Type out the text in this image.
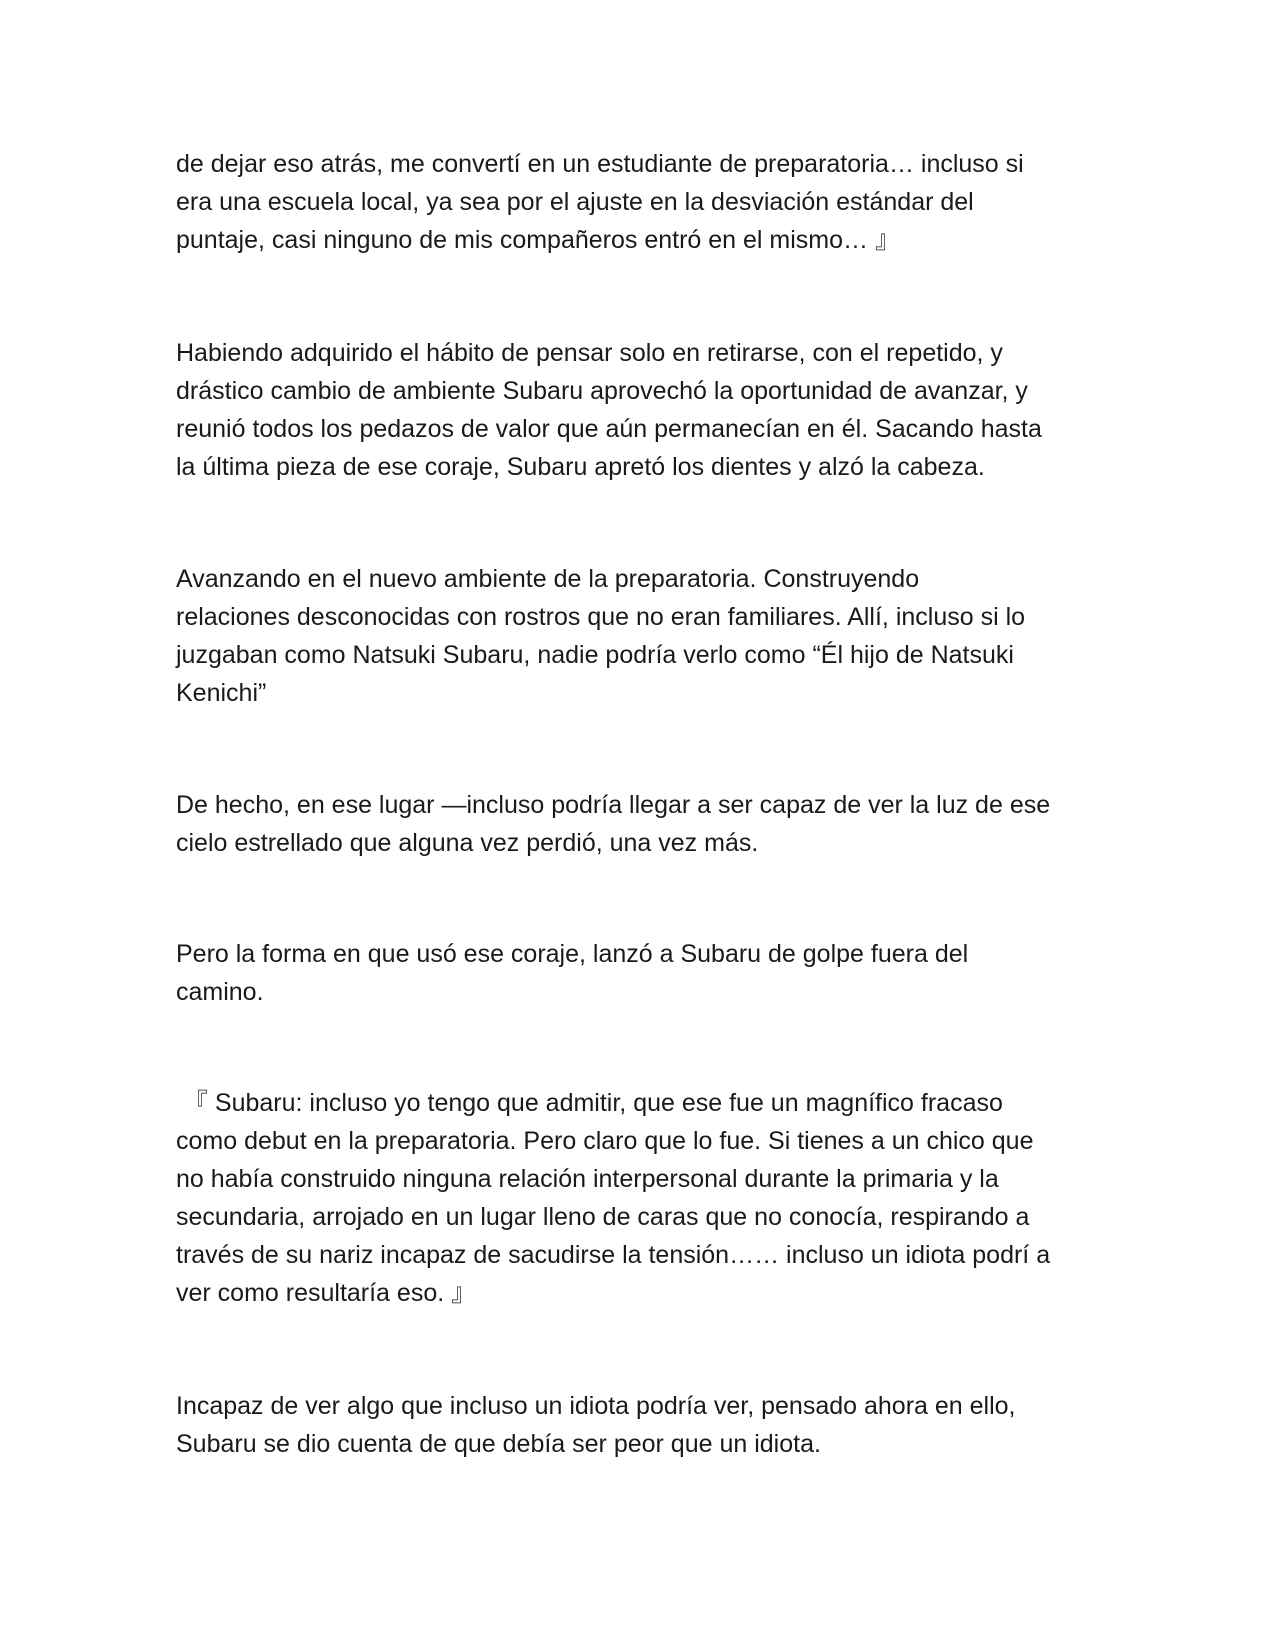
de dejar eso atrás, me convertí en un estudiante de preparatoria… incluso si
era una escuela local, ya sea por el ajuste en la desviación estándar del
puntaje, casi ninguno de mis compañeros entró en el mismo… 』

Habiendo adquirido el hábito de pensar solo en retirarse, con el repetido, y
drástico cambio de ambiente Subaru aprovechó la oportunidad de avanzar, y
reunió todos los pedazos de valor que aún permanecían en él. Sacando hasta
la última pieza de ese coraje, Subaru apretó los dientes y alzó la cabeza.

Avanzando en el nuevo ambiente de la preparatoria. Construyendo
relaciones desconocidas con rostros que no eran familiares. Allí, incluso si lo
juzgaban como Natsuki Subaru, nadie podría verlo como “Él hijo de Natsuki
Kenichi”

De hecho, en ese lugar —incluso podría llegar a ser capaz de ver la luz de ese
cielo estrellado que alguna vez perdió, una vez más.

Pero la forma en que usó ese coraje, lanzó a Subaru de golpe fuera del
camino.

『 Subaru: incluso yo tengo que admitir, que ese fue un magnífico fracaso
como debut en la preparatoria. Pero claro que lo fue. Si tienes a un chico que
no había construido ninguna relación interpersonal durante la primaria y la
secundaria, arrojado en un lugar lleno de caras que no conocía, respirando a
través de su nariz incapaz de sacudirse la tensión…… incluso un idiota podrí a
ver como resultaría eso. 』

Incapaz de ver algo que incluso un idiota podría ver, pensado ahora en ello,
Subaru se dio cuenta de que debía ser peor que un idiota.
